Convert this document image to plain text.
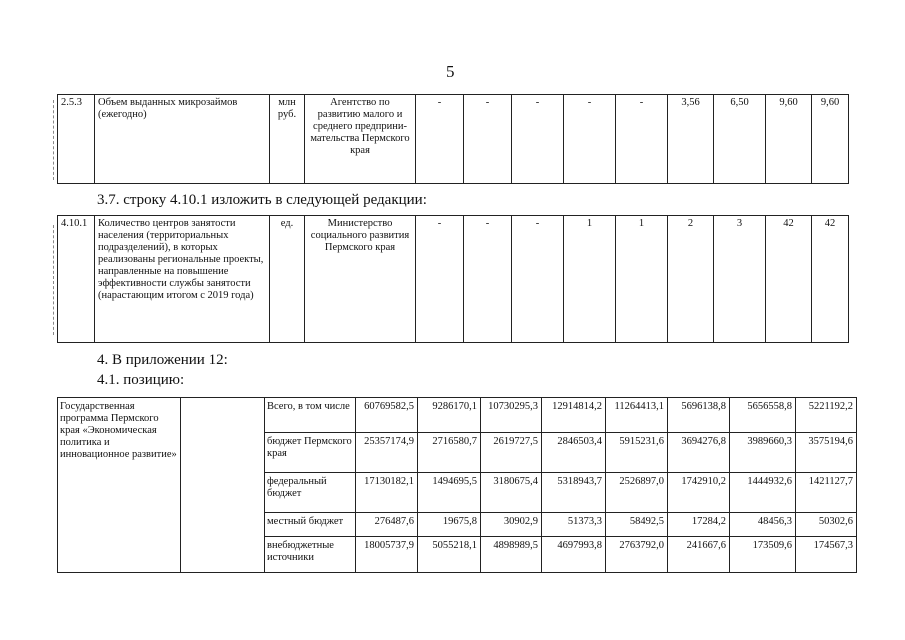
5
2.5.3	Объем выданных микрозаймов (ежегодно)	млн руб.	Агентство по развитию малого и среднего предприни-мательства Пермского края	-	-	-	-	-	3,56	6,50	9,60	9,60
3.7. строку 4.10.1 изложить в следующей редакции:
4.10.1	Количество центров занятости населения (территориальных подразделений), в которых реализованы региональные проекты, направленные на повышение эффективности службы занятости (нарастающим итогом с 2019 года)	ед.	Министерство социального развития Пермского края	-	-	-	1	1	2	3	42	42
4. В приложении 12:
4.1. позицию:
Государственная программа Пермского края «Экономическая политика и инновационное развитие»		Всего, в том числе	60769582,5	9286170,1	10730295,3	12914814,2	11264413,1	5696138,8	5656558,8	5221192,2
		бюджет Пермского края	25357174,9	2716580,7	2619727,5	2846503,4	5915231,6	3694276,8	3989660,3	3575194,6
		федеральный бюджет	17130182,1	1494695,5	3180675,4	5318943,7	2526897,0	1742910,2	1444932,6	1421127,7
		местный бюджет	276487,6	19675,8	30902,9	51373,3	58492,5	17284,2	48456,3	50302,6
		внебюджетные источники	18005737,9	5055218,1	4898989,5	4697993,8	2763792,0	241667,6	173509,6	174567,3
